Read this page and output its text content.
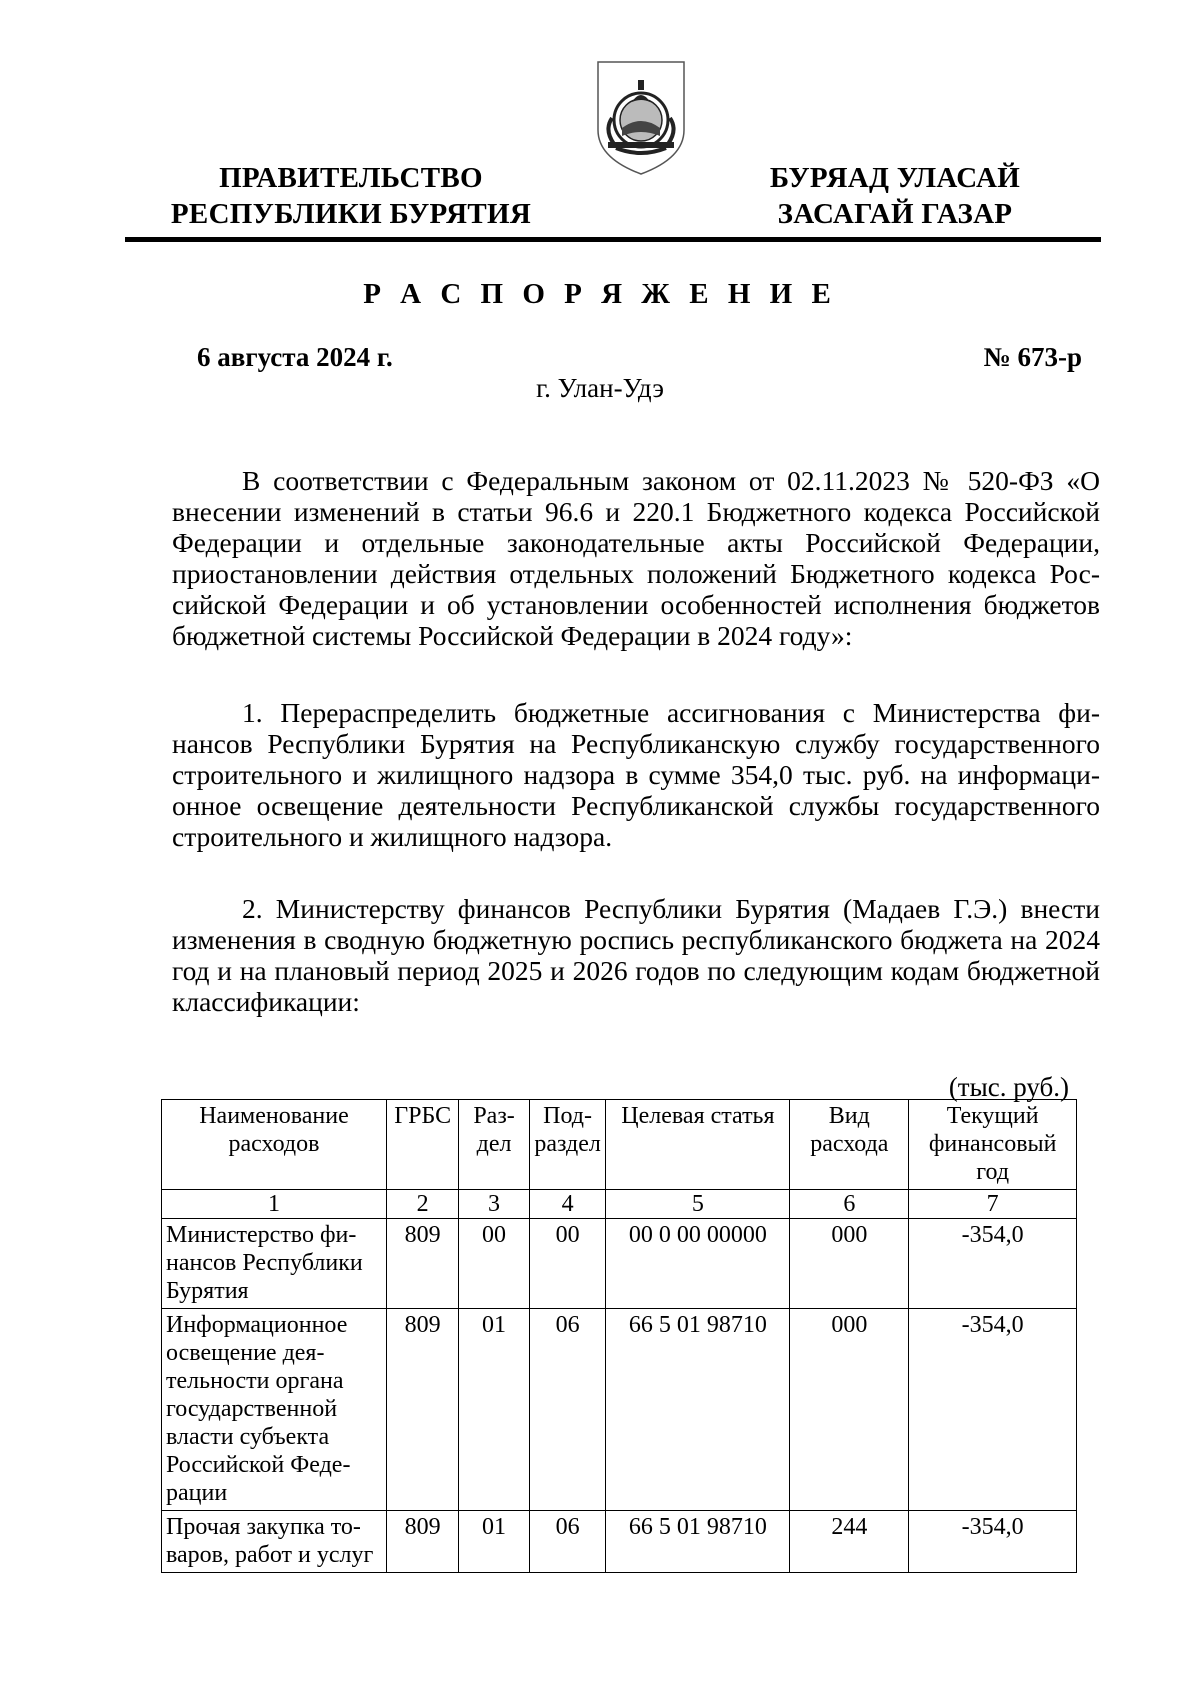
ПРАВИТЕЛЬСТВО
РЕСПУБЛИКИ БУРЯТИЯ
БУРЯАД УЛАСАЙ
ЗАСАГАЙ ГАЗАР
Р А С П О Р Я Ж Е Н И Е
6 августа 2024 г.	№ 673-р
г. Улан-Удэ

В соответствии с Федеральным законом от 02.11.2023 № 520-ФЗ «О внесении изменений в статьи 96.6 и 220.1 Бюджетного кодекса Российской Федерации и отдельные законодательные акты Российской Федерации, приостановлении действия отдельных положений Бюджетного кодекса Российской Федерации и об установлении особенностей исполнения бюджетов бюджетной системы Российской Федерации в 2024 году»:

1. Перераспределить бюджетные ассигнования с Министерства финансов Республики Бурятия на Республиканскую службу государственного строительного и жилищного надзора в сумме 354,0 тыс. руб. на информационное освещение деятельности Республиканской службы государственного строительного и жилищного надзора.

2. Министерству финансов Республики Бурятия (Мадаев Г.Э.) внести изменения в сводную бюджетную роспись республиканского бюджета на 2024 год и на плановый период 2025 и 2026 годов по следующим кодам бюджетной классификации:

(тыс. руб.)
Наименование расходов	ГРБС	Раздел	Подраздел	Целевая статья	Вид расхода	Текущий финансовый год
1	2	3	4	5	6	7
Министерство финансов Республики Бурятия	809	00	00	00 0 00 00000	000	-354,0
Информационное освещение деятельности органа государственной власти субъекта Российской Федерации	809	01	06	66 5 01 98710	000	-354,0
Прочая закупка товаров, работ и услуг	809	01	06	66 5 01 98710	244	-354,0
